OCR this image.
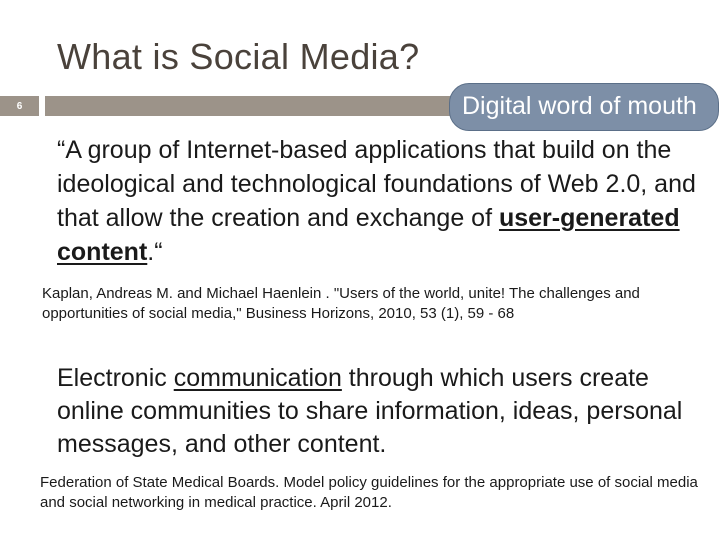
What is Social Media?
6
“A group of Internet-based applications that build on the ideological and technological foundations of Web 2.0, and that allow the creation and exchange of user-generated content.“
Digital word of mouth
Kaplan, Andreas M. and Michael Haenlein . "Users of the world, unite! The challenges and opportunities of social media," Business Horizons, 2010, 53 (1), 59 - 68
Electronic communication through which users create online communities to share information, ideas, personal messages, and other content.
Federation of State Medical Boards. Model policy guidelines for the appropriate use of social media and social networking in medical practice. April 2012.
